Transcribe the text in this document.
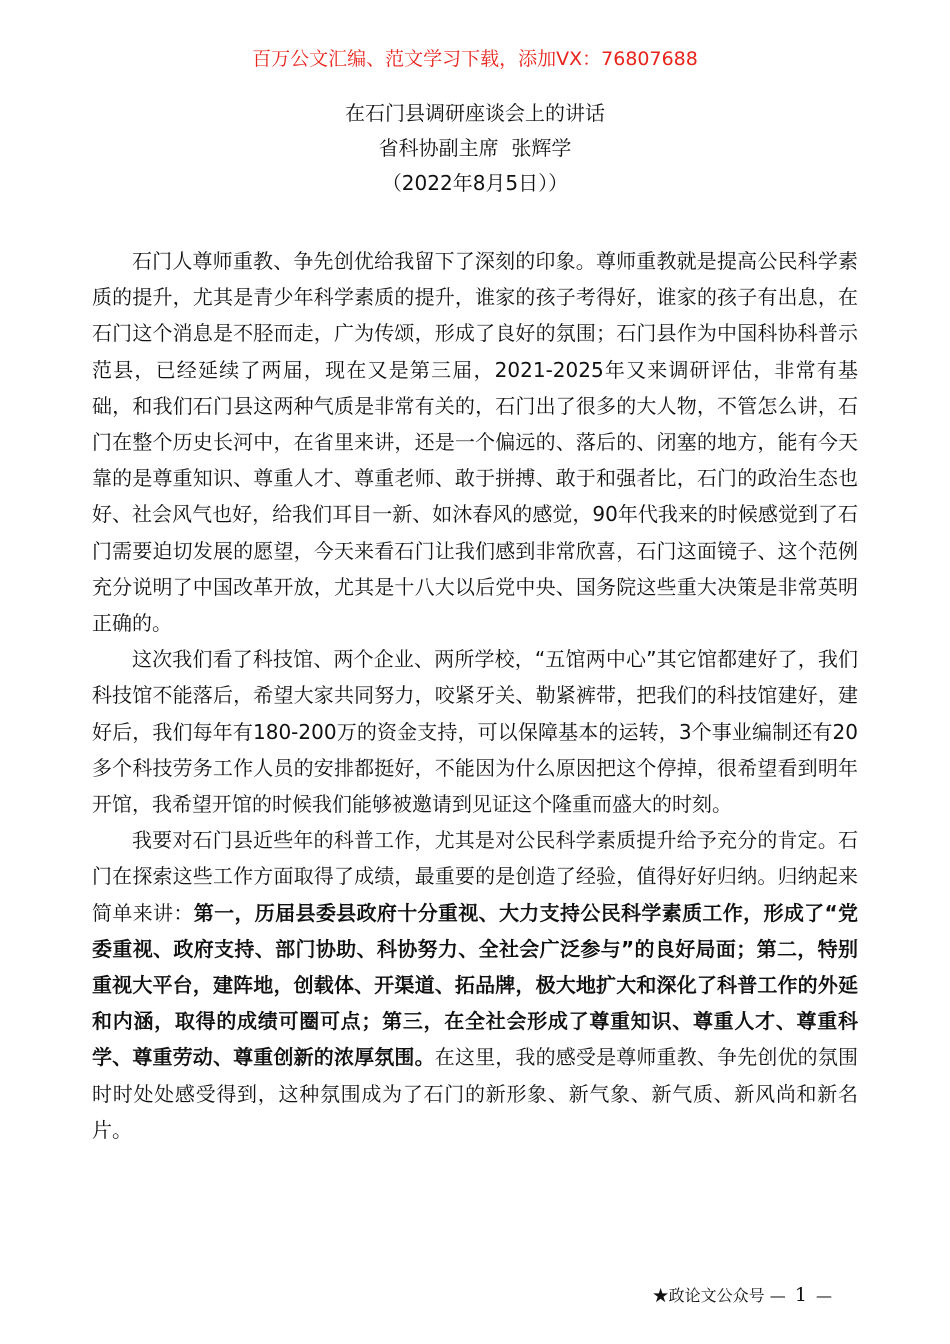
百万公文汇编、范文学习下载，添加VX：76807688
在石门县调研座谈会上的讲话
省科协副主席  张辉学
（2022年8月5日））

石门人尊师重教、争先创优给我留下了深刻的印象。尊师重教就是提高公民科学素质的提升，尤其是青少年科学素质的提升，谁家的孩子考得好，谁家的孩子有出息，在石门这个消息是不胫而走，广为传颂，形成了良好的氛围；石门县作为中国科协科普示范县，已经延续了两届，现在又是第三届，2021-2025年又来调研评估，非常有基础，和我们石门县这两种气质是非常有关的，石门出了很多的大人物，不管怎么讲，石门在整个历史长河中，在省里来讲，还是一个偏远的、落后的、闭塞的地方，能有今天靠的是尊重知识、尊重人才、尊重老师、敢于拼搏、敢于和强者比，石门的政治生态也好、社会风气也好，给我们耳目一新、如沐春风的感觉，90年代我来的时候感觉到了石门需要迫切发展的愿望，今天来看石门让我们感到非常欣喜，石门这面镜子、这个范例充分说明了中国改革开放，尤其是十八大以后党中央、国务院这些重大决策是非常英明正确的。

这次我们看了科技馆、两个企业、两所学校，“五馆两中心”其它馆都建好了，我们科技馆不能落后，希望大家共同努力，咬紧牙关、勒紧裤带，把我们的科技馆建好，建好后，我们每年有180-200万的资金支持，可以保障基本的运转，3个事业编制还有20多个科技劳务工作人员的安排都挺好，不能因为什么原因把这个停掉，很希望看到明年开馆，我希望开馆的时候我们能够被邀请到见证这个隆重而盛大的时刻。

我要对石门县近些年的科普工作，尤其是对公民科学素质提升给予充分的肯定。石门在探索这些工作方面取得了成绩，最重要的是创造了经验，值得好好归纳。归纳起来简单来讲：第一，历届县委县政府十分重视、大力支持公民科学素质工作，形成了“党委重视、政府支持、部门协助、科协努力、全社会广泛参与”的良好局面；第二，特别重视大平台，建阵地，创载体、开渠道、拓品牌，极大地扩大和深化了科普工作的外延和内涵，取得的成绩可圈可点；第三，在全社会形成了尊重知识、尊重人才、尊重科学、尊重劳动、尊重创新的浓厚氛围。在这里，我的感受是尊师重教、争先创优的氛围时时处处感受得到，这种氛围成为了石门的新形象、新气象、新气质、新风尚和新名片。

★政论文公众号 — 1 —
